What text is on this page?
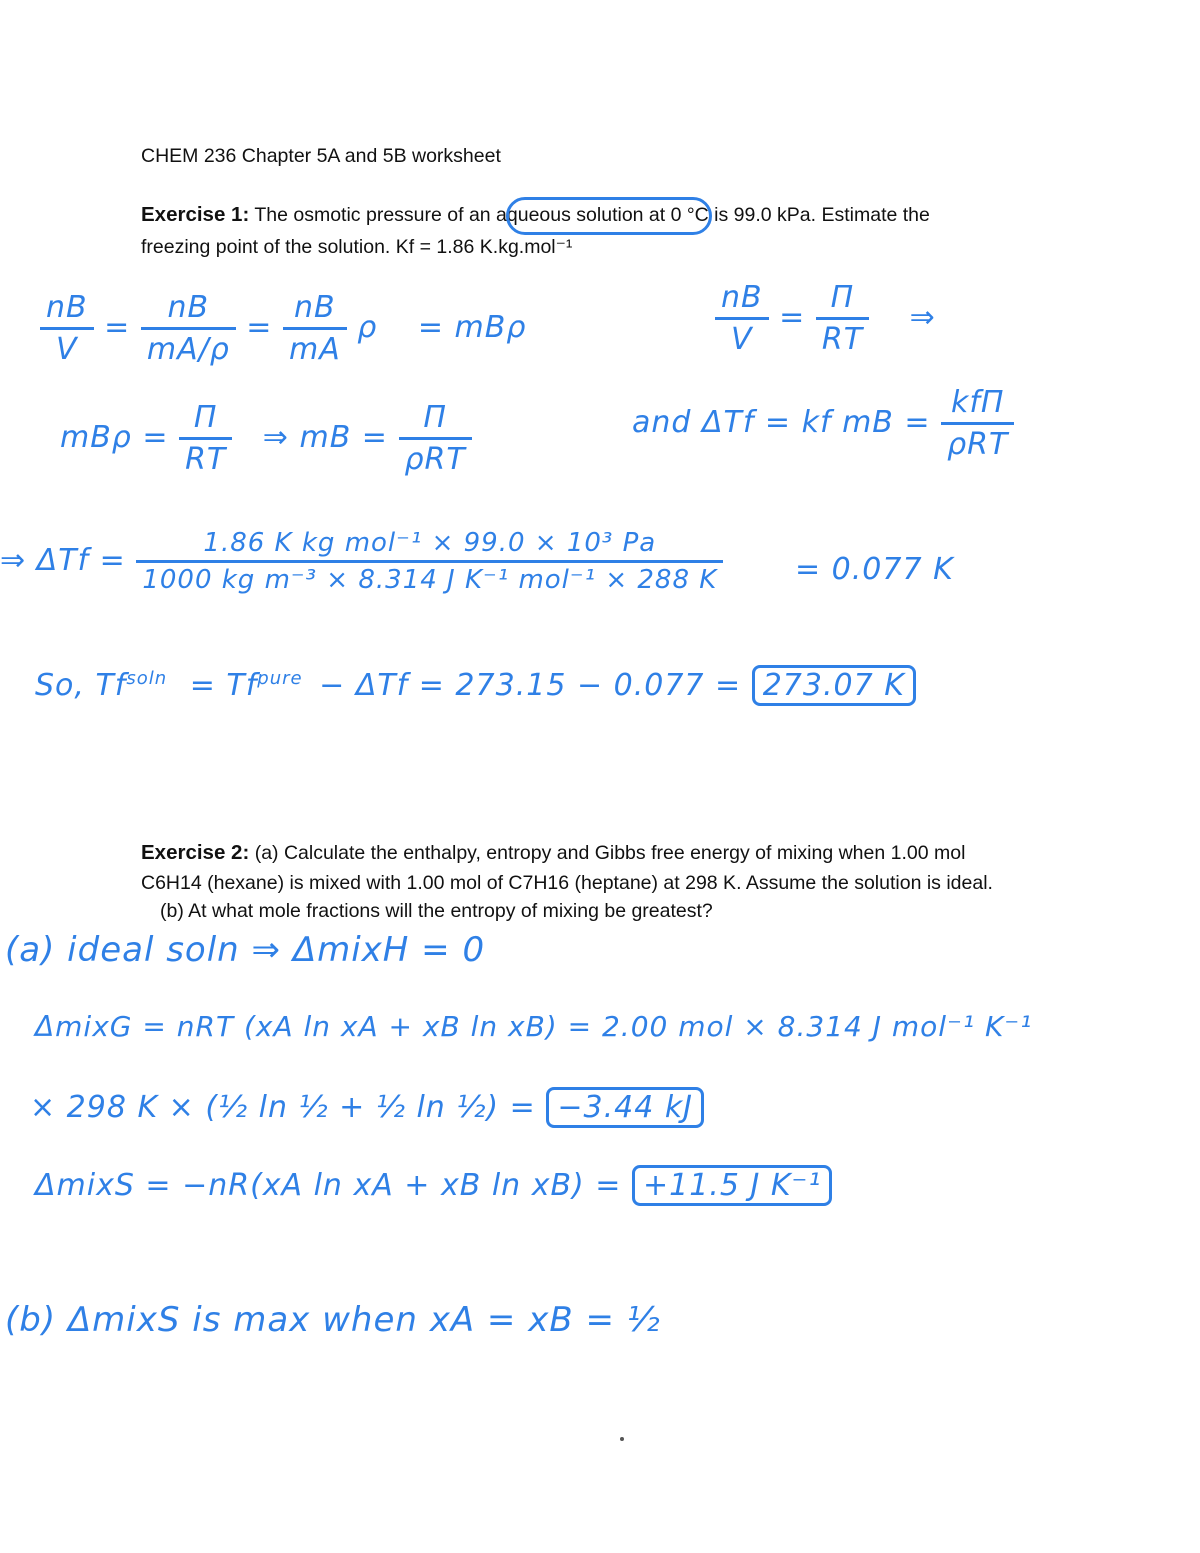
CHEM 236 Chapter 5A and 5B worksheet
Exercise 1: The osmotic pressure of an aqueous solution at 0 °C is 99.0 kPa. Estimate the
freezing point of the solution. Kf = 1.86 K.kg.mol⁻¹
$\frac{nB}{V} = \frac{nB}{mA/\rho} = \frac{nB}{mA}$ ρ = mBρ	$\frac{nB}{V} = \frac{\Pi}{RT}$ ⇒
$mB\rho = \frac{\Pi}{RT}$ ⇒ mB = $\frac{\Pi}{\text{ρRT}}$	and ΔTf = kf mB = $\frac{\text{kfΠ}}{\text{ρRT}}$
⇒ $\Delta Tf = \frac{\text{1.86 K kg mol⁻¹ × 99.0 × 10³ Pa}}{\text{1000 kg m⁻³ × 8.314 J K⁻¹ mol⁻¹ × 288 K}} = 0.077$ K
So, $Tf^{soln} = Tf^{pure} - \Delta Tf = 273.15 - 0.077 = 273.07$ K
Exercise 2: (a) Calculate the enthalpy, entropy and Gibbs free energy of mixing when 1.00 mol
C6H14 (hexane) is mixed with 1.00 mol of C7H16 (heptane) at 298 K. Assume the solution is ideal.
(b) At what mole fractions will the entropy of mixing be greatest?
(a) ideal soln ⇒ ΔmixH = 0
ΔmixG = nRT (xA ln xA + xB ln xB) = 2.00 mol × 8.314 J mol⁻¹ K⁻¹
× 298 K × (½ ln ½ + ½ ln ½) = −3.44 kJ
ΔmixS = −nR(xA ln xA + xB ln xB) = +11.5 J K⁻¹
(b) ΔmixS is max when xA = xB = ½
